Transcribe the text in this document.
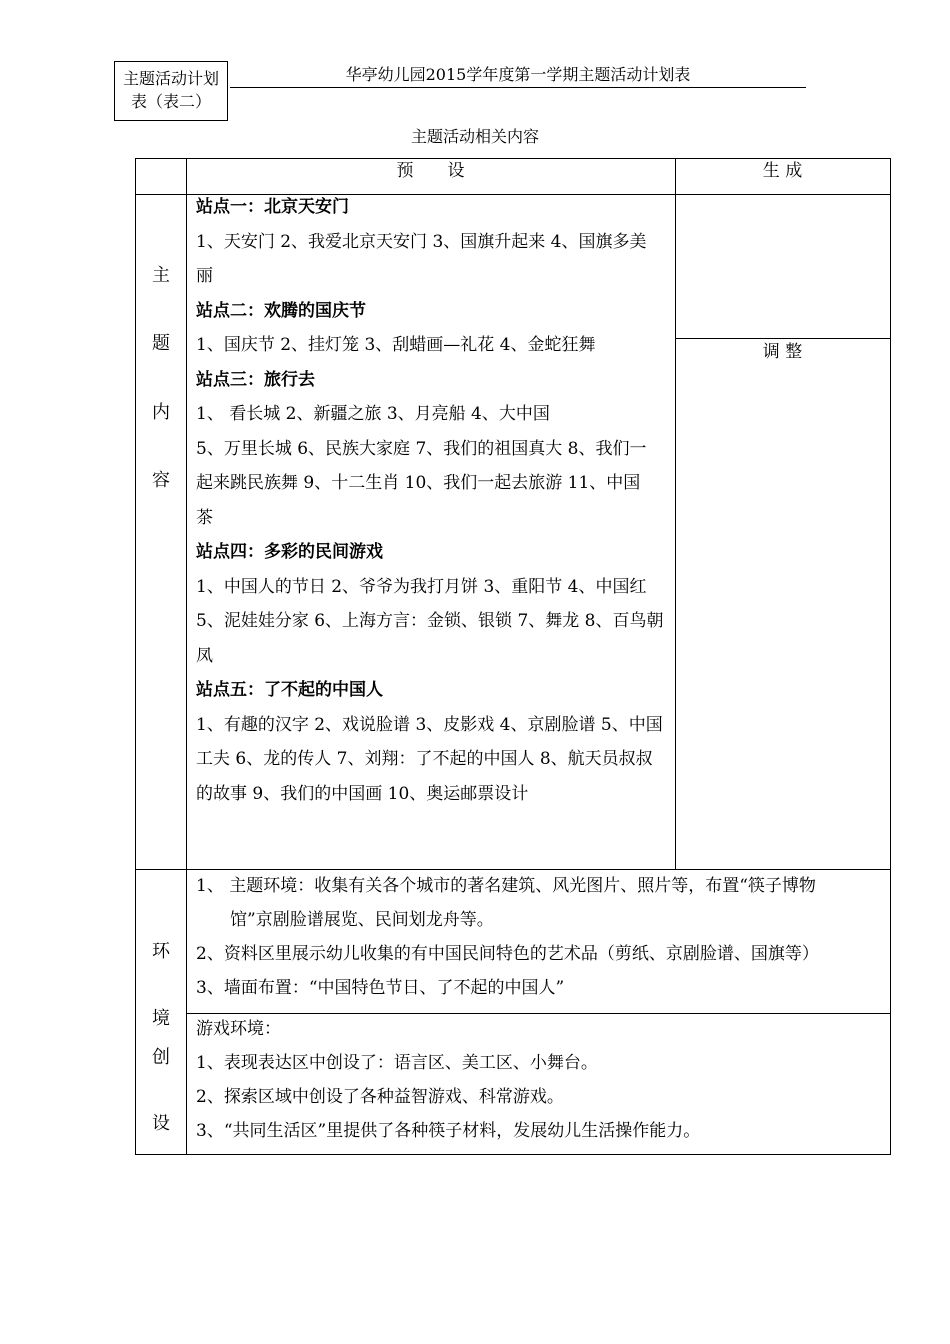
主题活动计划表（表二）
华亭幼儿园2015学年度第一学期主题活动计划表
主题活动相关内容
预　　设	生 成
调 整
主
题
内
容

站点一：北京天安门

1、天安门 2、我爱北京天安门 3、国旗升起来 4、国旗多美

丽

站点二：欢腾的国庆节

1、国庆节 2、挂灯笼 3、刮蜡画—礼花 4、金蛇狂舞

站点三：旅行去

1、 看长城 2、新疆之旅 3、月亮船 4、大中国

5、万里长城 6、民族大家庭 7、我们的祖国真大 8、我们一

起来跳民族舞 9、十二生肖 10、我们一起去旅游 11、中国

茶

站点四：多彩的民间游戏

1、中国人的节日 2、爷爷为我打月饼 3、重阳节 4、中国红

5、泥娃娃分家 6、上海方言：金锁、银锁 7、舞龙 8、百鸟朝

凤

站点五：了不起的中国人

1、有趣的汉字 2、戏说脸谱 3、皮影戏 4、京剧脸谱 5、中国

工夫 6、龙的传人 7、刘翔：了不起的中国人 8、航天员叔叔

的故事 9、我们的中国画 10、奥运邮票设计

环
境
创
设

1、 主题环境：收集有关各个城市的著名建筑、风光图片、照片等，布置“筷子博物

馆”京剧脸谱展览、民间划龙舟等。

2、资料区里展示幼儿收集的有中国民间特色的艺术品（剪纸、京剧脸谱、国旗等）

3、墙面布置：“中国特色节日、了不起的中国人”

游戏环境：

1、表现表达区中创设了：语言区、美工区、小舞台。

2、探索区域中创设了各种益智游戏、科常游戏。

3、“共同生活区”里提供了各种筷子材料，发展幼儿生活操作能力。
